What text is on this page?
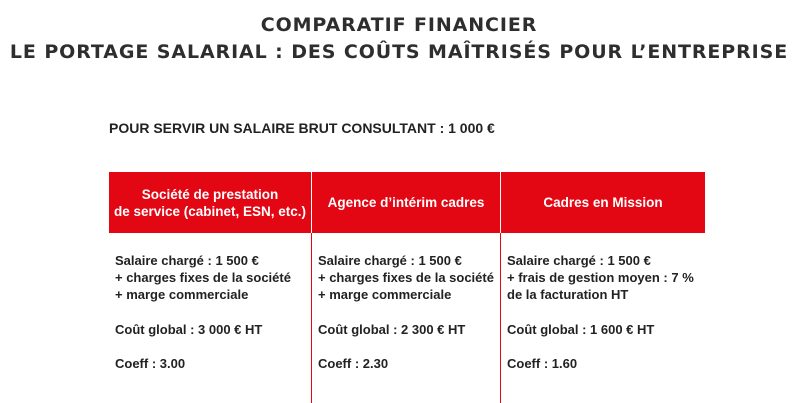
COMPARATIF FINANCIER
LE PORTAGE SALARIAL : DES COÛTS MAÎTRISÉS POUR L’ENTREPRISE
POUR SERVIR UN SALAIRE BRUT CONSULTANT : 1 000 €
Société de prestation
de service (cabinet, ESN, etc.)
Agence d’intérim cadres	Cadres en Mission
Salaire chargé : 1 500 €
+ charges fixes de la société
+ marge commerciale
Coût global : 3 000 € HT
Coeff : 3.00
Salaire chargé : 1 500 €
+ charges fixes de la société
+ marge commerciale
Coût global : 2 300 € HT
Coeff : 2.30
Salaire chargé : 1 500 €
+ frais de gestion moyen : 7 %
de la facturation HT
Coût global : 1 600 € HT
Coeff : 1.60
